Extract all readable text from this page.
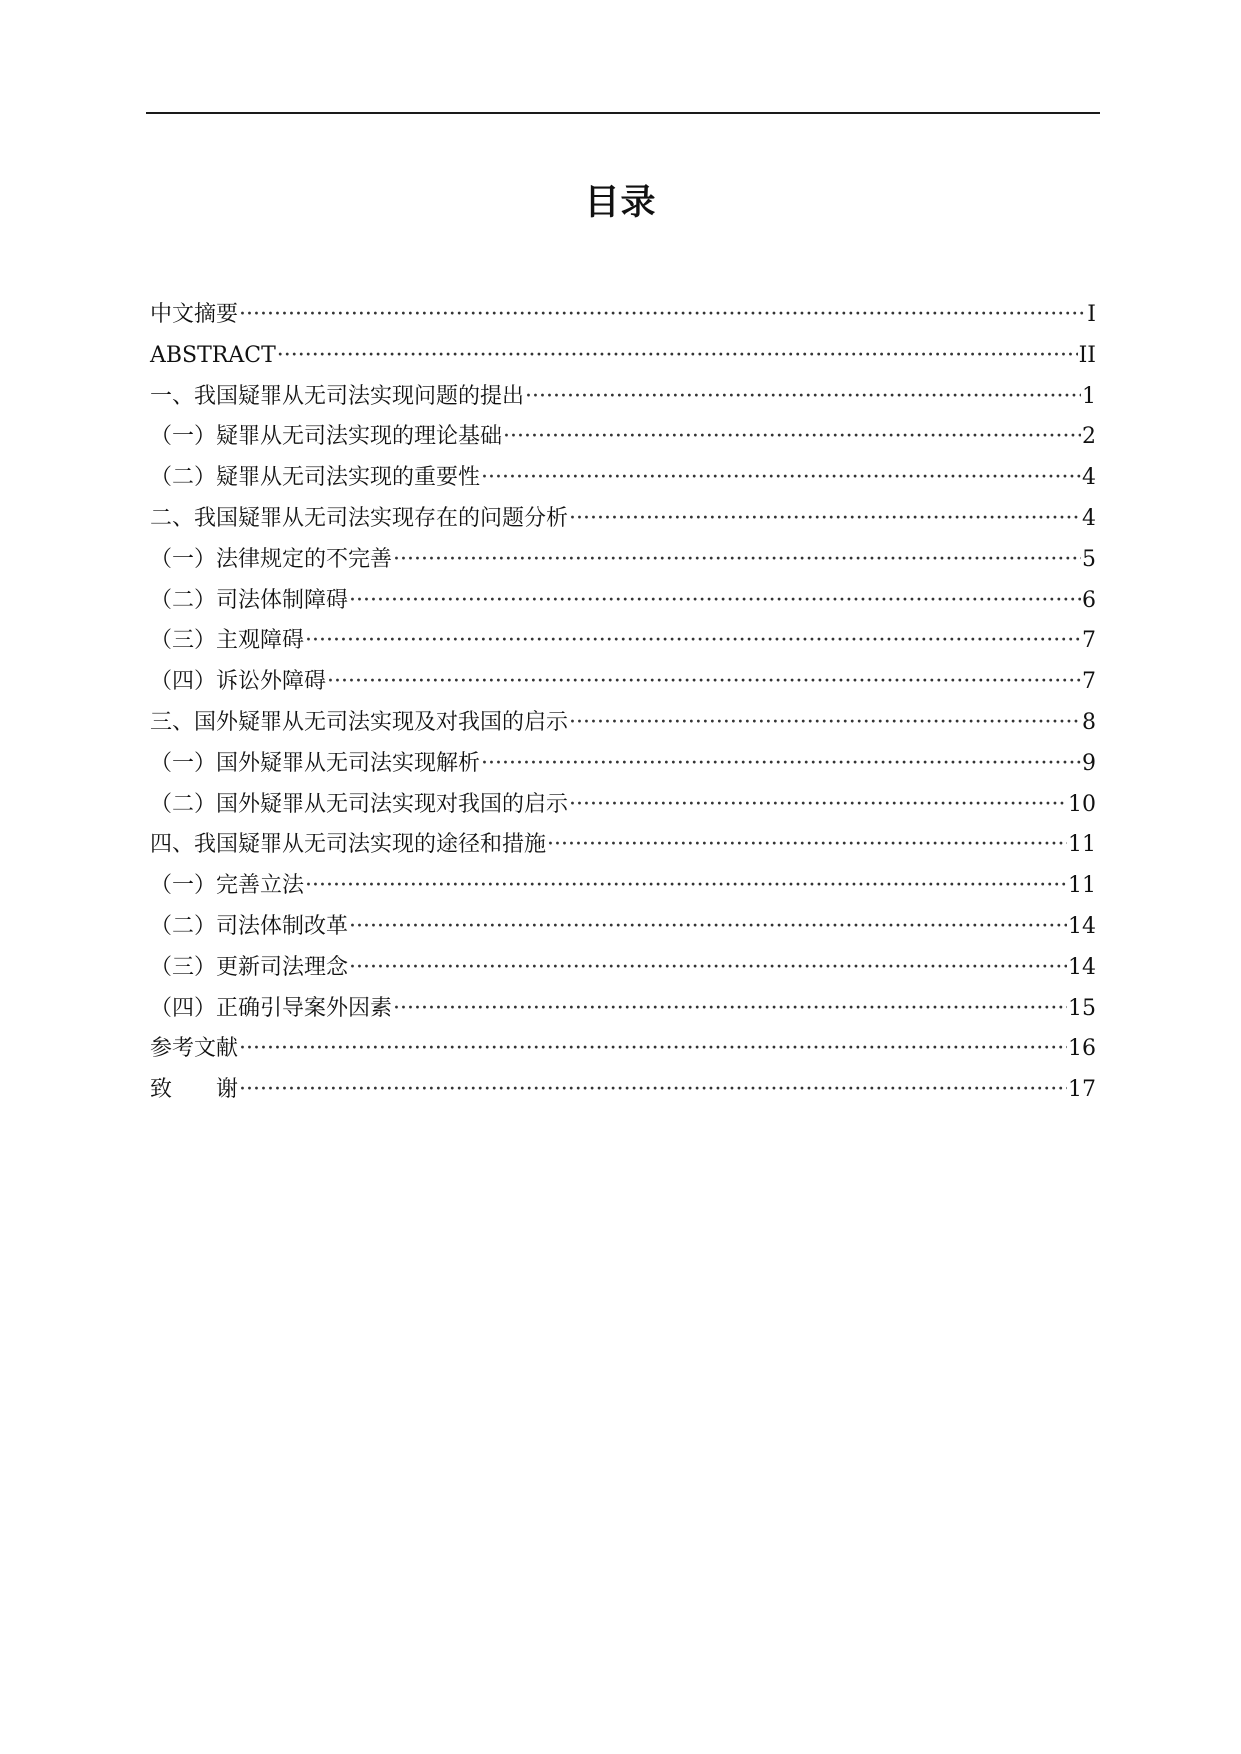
目录
中文摘要 ·····	I
ABSTRACT ·····	II
一、我国疑罪从无司法实现问题的提出 ·····	1
（一）疑罪从无司法实现的理论基础 ·····	2
（二）疑罪从无司法实现的重要性 ·····	4
二、我国疑罪从无司法实现存在的问题分析 ·····	4
（一）法律规定的不完善 ·····	5
（二）司法体制障碍 ·····	6
（三）主观障碍 ·····	7
（四）诉讼外障碍 ·····	7
三、国外疑罪从无司法实现及对我国的启示 ·····	8
（一）国外疑罪从无司法实现解析 ·····	9
（二）国外疑罪从无司法实现对我国的启示 ·····	10
四、我国疑罪从无司法实现的途径和措施 ·····	11
（一）完善立法 ·····	11
（二）司法体制改革 ·····	14
（三）更新司法理念 ·····	14
（四）正确引导案外因素 ·····	15
参考文献 ·····	16
致　　谢 ·····	17
